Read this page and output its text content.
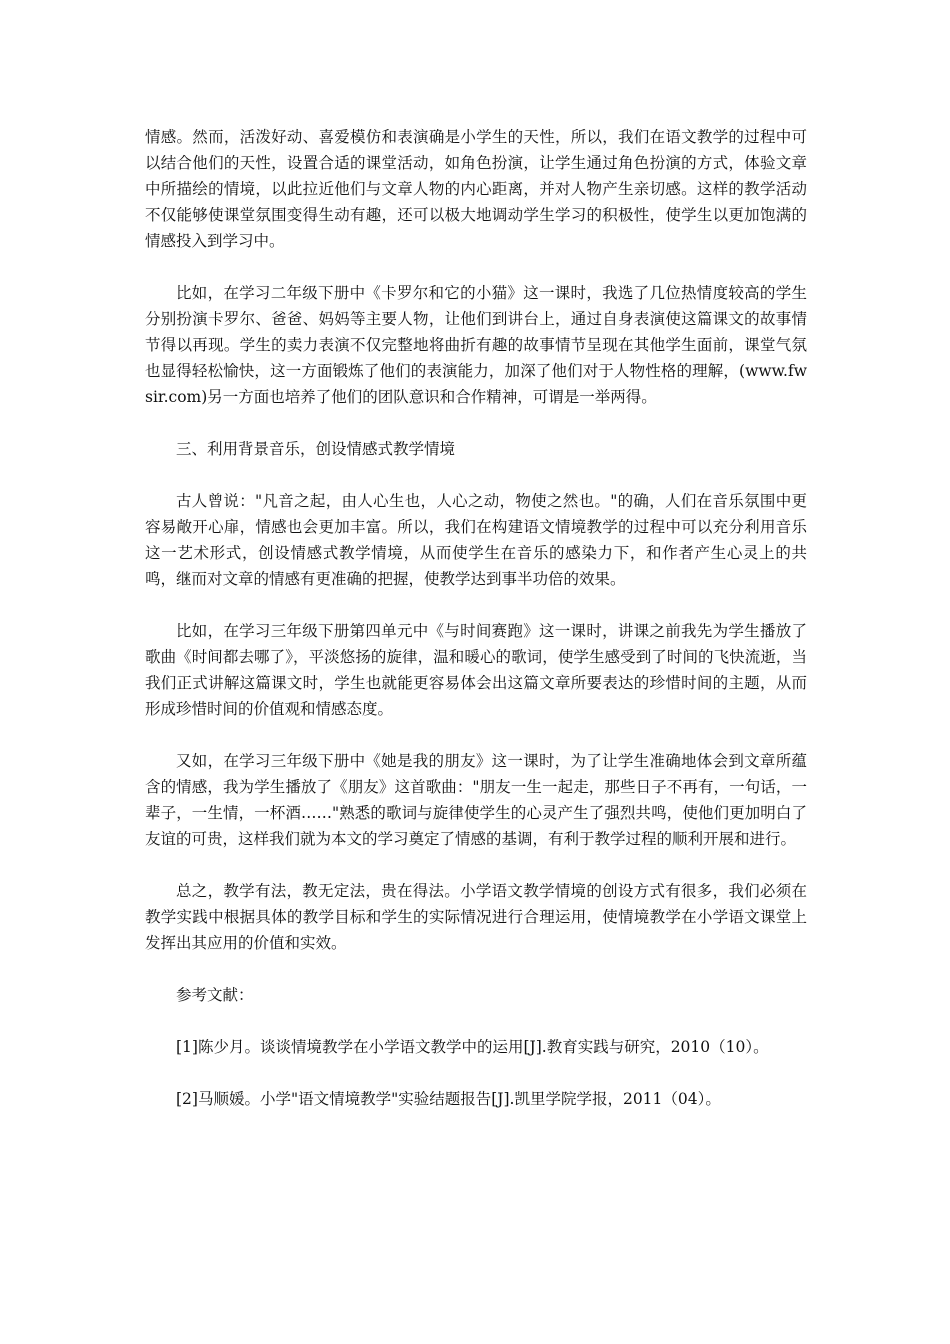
情感。然而，活泼好动、喜爱模仿和表演确是小学生的天性，所以，我们在语文教学的过程中可以结合他们的天性，设置合适的课堂活动，如角色扮演，让学生通过角色扮演的方式，体验文章中所描绘的情境，以此拉近他们与文章人物的内心距离，并对人物产生亲切感。这样的教学活动不仅能够使课堂氛围变得生动有趣，还可以极大地调动学生学习的积极性，使学生以更加饱满的情感投入到学习中。

比如，在学习二年级下册中《卡罗尔和它的小猫》这一课时，我选了几位热情度较高的学生分别扮演卡罗尔、爸爸、妈妈等主要人物，让他们到讲台上，通过自身表演使这篇课文的故事情节得以再现。学生的卖力表演不仅完整地将曲折有趣的故事情节呈现在其他学生面前，课堂气氛也显得轻松愉快，这一方面锻炼了他们的表演能力，加深了他们对于人物性格的理解，(www.fwsir.com)另一方面也培养了他们的团队意识和合作精神，可谓是一举两得。

三、利用背景音乐，创设情感式教学情境

古人曾说："凡音之起，由人心生也，人心之动，物使之然也。"的确，人们在音乐氛围中更容易敞开心扉，情感也会更加丰富。所以，我们在构建语文情境教学的过程中可以充分利用音乐这一艺术形式，创设情感式教学情境，从而使学生在音乐的感染力下，和作者产生心灵上的共鸣，继而对文章的情感有更准确的把握，使教学达到事半功倍的效果。

比如，在学习三年级下册第四单元中《与时间赛跑》这一课时，讲课之前我先为学生播放了歌曲《时间都去哪了》，平淡悠扬的旋律，温和暖心的歌词，使学生感受到了时间的飞快流逝，当我们正式讲解这篇课文时，学生也就能更容易体会出这篇文章所要表达的珍惜时间的主题，从而形成珍惜时间的价值观和情感态度。

又如，在学习三年级下册中《她是我的朋友》这一课时，为了让学生准确地体会到文章所蕴含的情感，我为学生播放了《朋友》这首歌曲："朋友一生一起走，那些日子不再有，一句话，一辈子，一生情，一杯酒……"熟悉的歌词与旋律使学生的心灵产生了强烈共鸣，使他们更加明白了友谊的可贵，这样我们就为本文的学习奠定了情感的基调，有利于教学过程的顺利开展和进行。

总之，教学有法，教无定法，贵在得法。小学语文教学情境的创设方式有很多，我们必须在教学实践中根据具体的教学目标和学生的实际情况进行合理运用，使情境教学在小学语文课堂上发挥出其应用的价值和实效。

参考文献：

[1]陈少月。谈谈情境教学在小学语文教学中的运用[J].教育实践与研究，2010（10）。

[2]马顺媛。小学"语文情境教学"实验结题报告[J].凯里学院学报，2011（04）。
